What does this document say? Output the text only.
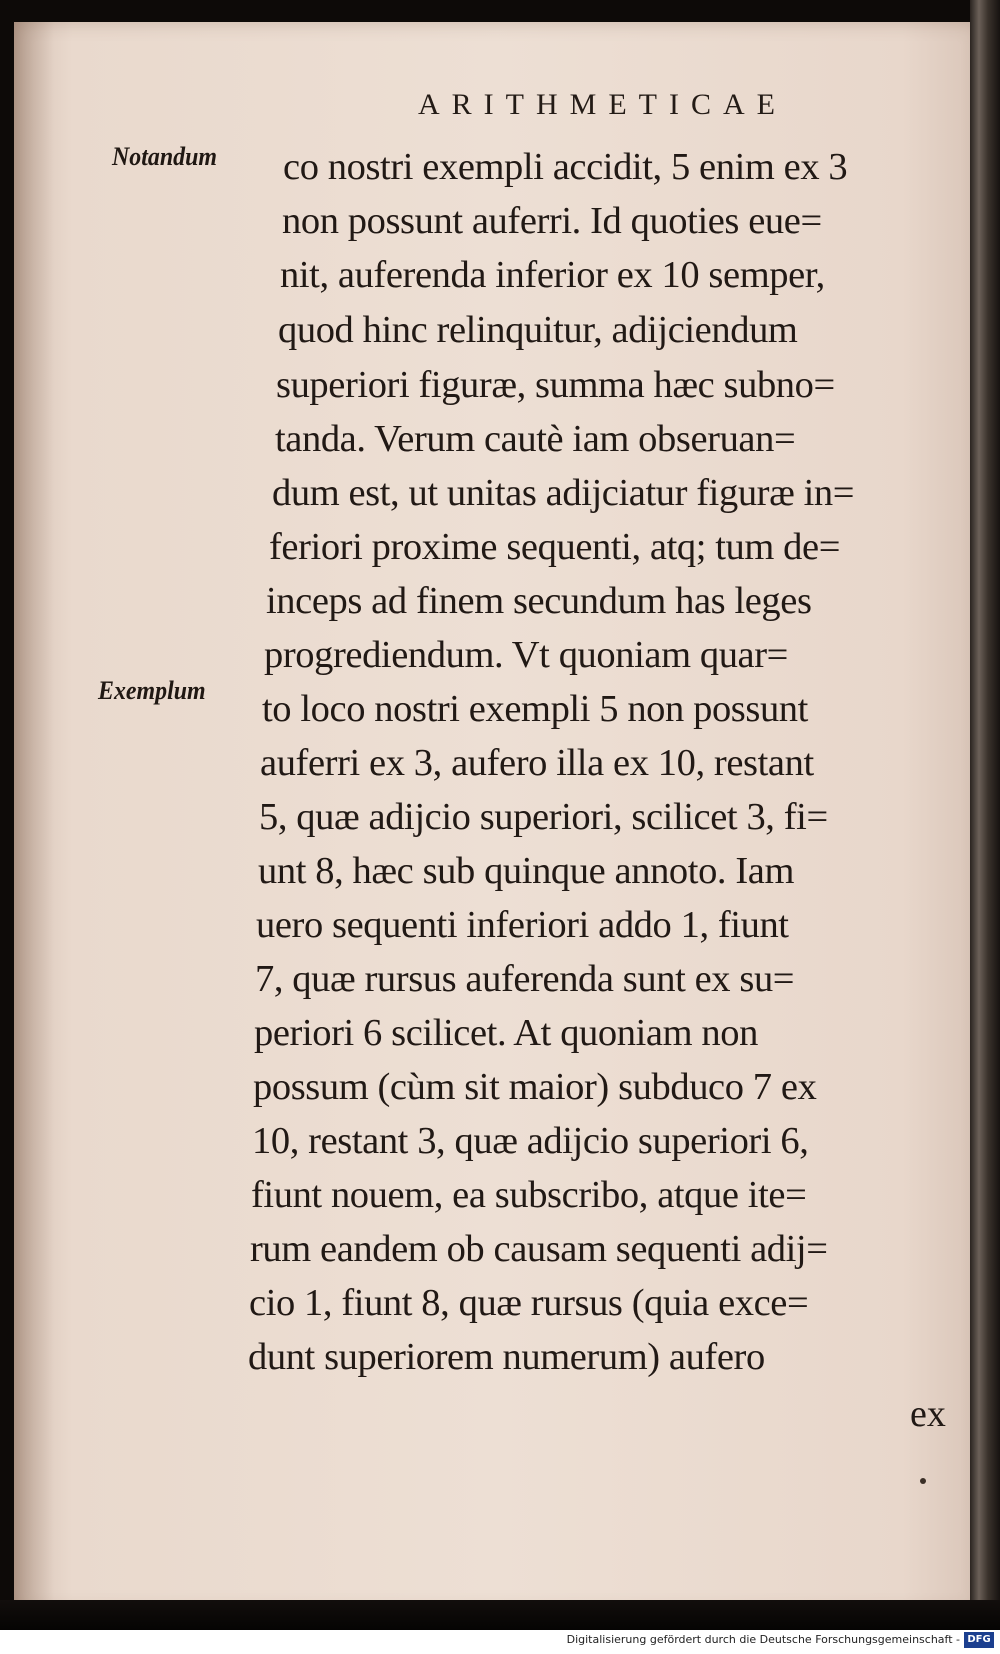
ARITHMETICAE
Notandum
Exemplum
co nostri exempli accidit, 5 enim ex 3
non possunt auferri. Id quoties eue=
nit, auferenda inferior ex 10 semper,
quod hinc relinquitur, adijciendum
superiori figuræ, summa hæc subno=
tanda. Verum cautè iam obseruan=
dum est, ut unitas adijciatur figuræ in=
feriori proxime sequenti, atq; tum de=
inceps ad finem secundum has leges
progrediendum. Vt quoniam quar=
to loco nostri exempli 5 non possunt
auferri ex 3, aufero illa ex 10, restant
5, quæ adijcio superiori, scilicet 3, fi=
unt 8, hæc sub quinque annoto. Iam
uero sequenti inferiori addo 1, fiunt
7, quæ rursus auferenda sunt ex su=
periori 6 scilicet. At quoniam non
possum (cùm sit maior) subduco 7 ex
10, restant 3, quæ adijcio superiori 6,
fiunt nouem, ea subscribo, atque ite=
rum eandem ob causam sequenti adij=
cio 1, fiunt 8, quæ rursus (quia exce=
dunt superiorem numerum) aufero
ex
Digitalisierung gefördert durch die Deutsche Forschungsgemeinschaft - DFG
